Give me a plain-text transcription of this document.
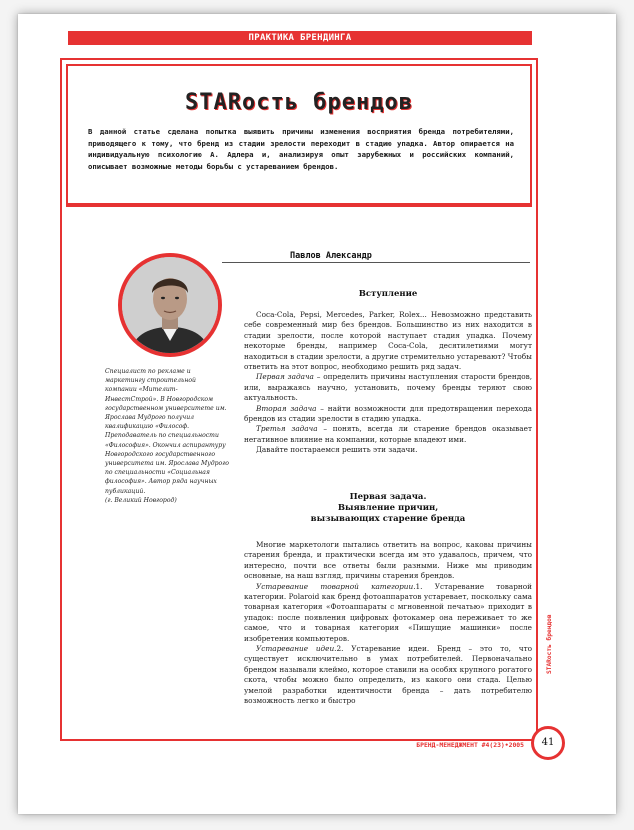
ПРАКТИКА БРЕНДИНГА
STARость брендов
В данной статье сделана попытка выявить причины изменения восприятия бренда потребителями, приводящего к тому, что бренд из стадии зрелости переходит в стадию упадка. Автор опирается на индивидуальную психологию А. Адлера и, анализируя опыт зарубежных и российских компаний, описывает возможные методы борьбы с устареванием брендов.
Павлов Александр

Специалист по рекламе и маркетингу строительной компании «Мителит-ИнвестСтрой». В Новгородском государственном университете им. Ярослава Мудрого получил квалификацию «Философ. Преподаватель по специальности «Философия». Окончил аспирантуру Новгородского государственного университета им. Ярослава Мудрого по специальности «Социальная философия». Автор ряда научных публикаций.

(г. Великий Новгород)

Вступление

Coca-Cola, Pepsi, Mercedes, Parker, Rolex... Невозможно представить себе современный мир без брендов. Большинство из них находится в стадии зрелости, после которой наступает стадия упадка. Почему некоторые бренды, например Coca-Cola, десятилетиями могут находиться в стадии зрелости, а другие стремительно устаревают? Чтобы ответить на этот вопрос, необходимо решить ряд задач.

Первая задача – определить причины наступления старости брендов, или, выражаясь научно, установить, почему бренды теряют свою актуальность.

Вторая задача – найти возможности для предотвращения перехода брендов из стадии зрелости в стадию упадка.

Третья задача – понять, всегда ли старение брендов оказывает негативное влияние на компании, которые владеют ими.

Давайте постараемся решить эти задачи.

Первая задача.
Выявление причин,
вызывающих старение бренда

Многие маркетологи пытались ответить на вопрос, каковы причины старения бренда, и практически всегда им это удавалось, причем, что интересно, почти все ответы были разными. Ниже мы приводим основные, на наш взгляд, причины старения брендов.

Устаревание товарной категории.1. Устаревание товарной категории. Polaroid как бренд фотоаппаратов устаревает, поскольку сама товарная категория «Фотоаппараты с мгновенной печатью» приходит в упадок: после появления цифровых фотокамер она переживает то же самое, что и товарная категория «Пишущие машинки» после изобретения компьютеров.

Устаревание идеи.2. Устаревание идеи. Бренд – это то, что существует исключительно в умах потребителей. Первоначально брендом называли клеймо, которое ставили на особях крупного рогатого скота, чтобы можно было определить, из какого они стада. Целью умелой разработки идентичности бренда – дать потребителю возможность легко и быстро

STARость брендов
БРЕНД-МЕНЕДЖМЕНТ #4(23)•2005	41
